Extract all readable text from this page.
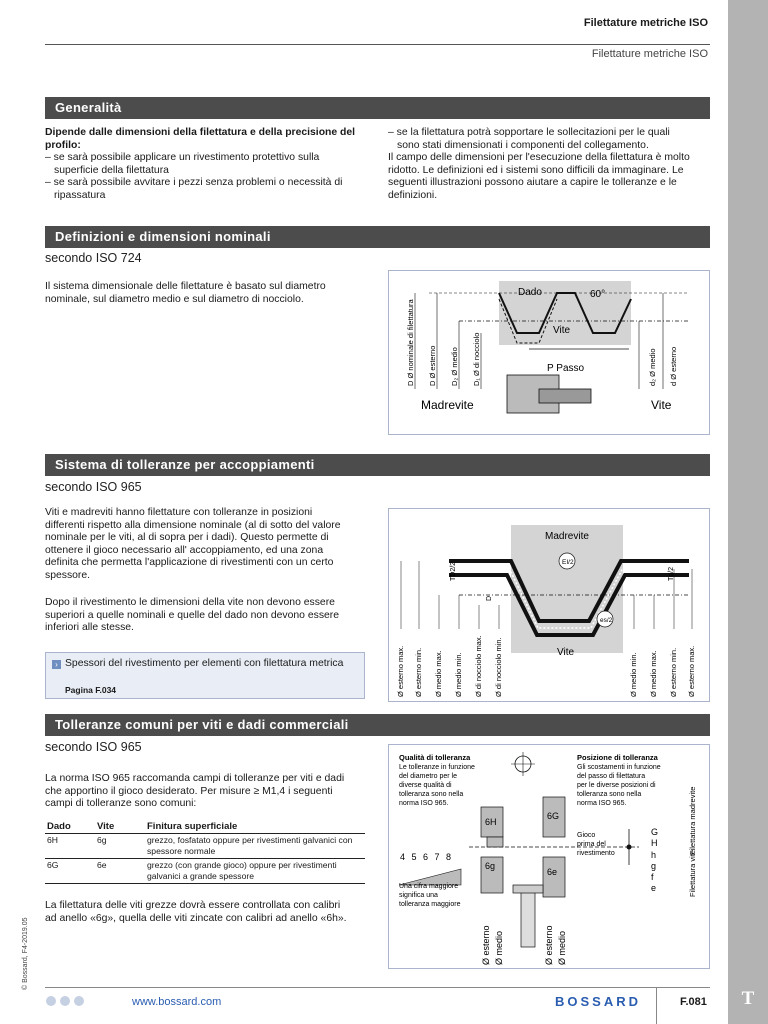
T
Filettature metriche ISO
Filettature metriche ISO
Generalità
Dipende dalle dimensioni della filettatura e della precisione del profilo:
– se sarà possibile applicare un rivestimento protettivo sulla
superficie della filettatura
– se sarà possibile avvitare i pezzi senza problemi o necessità di
ripassatura
– se la filettatura potrà sopportare le sollecitazioni per le quali
sono stati dimensionati i componenti del collegamento.
Il campo delle dimensioni per l'esecuzione della filettatura è molto
ridotto. Le definizioni ed i sistemi sono difficili da immaginare. Le
seguenti illustrazioni possono aiutare a capire le tolleranze e le
definizioni.
Definizioni e dimensioni nominali
secondo ISO 724
Il sistema dimensionale delle filettature è basato sul diametro
nominale, sul diametro medio e sul diametro di nocciolo.
Dado	60°
Vite
P Passo
Madrevite	Vite
D Ø nominale di filettatura D Ø esterno D₂ Ø medio D₁ Ø di nocciolo	d₂ Ø medio d Ø esterno
Sistema di tolleranze per accoppiamenti
secondo ISO 965
Viti e madreviti hanno filettature con tolleranze in posizioni
differenti rispetto alla dimensione nominale (al di sotto del valore
nominale per le viti, al di sopra per i dadi). Questo permette di
ottenere il gioco necessario all' accoppiamento, ed una zona
definita che permetta l'applicazione di rivestimenti con un certo
spessore.
Dopo il rivestimento le dimensioni della vite non devono essere
superiori a quelle nominali e quelle del dado non devono essere
inferiori alle stesse.
› Spessori del rivestimento per elementi con filettatura metrica
Pagina F.034
Madrevite
Vite
EI/2
es/2
TD2/2
D
Td/2
Ø esterno max. Ø esterno min. Ø medio max. Ø medio min. Ø di nocciolo max. Ø di nocciolo min.	Ø medio min. Ø medio max. Ø esterno min. Ø esterno max.
Tolleranze comuni per viti e dadi commerciali
secondo ISO 965
La norma ISO 965 raccomanda campi di tolleranze per viti e dadi
che apportino il gioco desiderato. Per misure ≥ M1,4 i seguenti
campi di tolleranze sono comuni:
Dado	Vite	Finitura superficiale
6H	6g	grezzo, fosfatato oppure per rivestimenti galvanici con spessore normale
6G	6e	grezzo (con grande gioco) oppure per rivestimenti galvanici a grande spessore
La filettatura delle viti grezze dovrà essere controllata con calibri
ad anello «6g», quella delle viti zincate con calibri ad anello «6h».
Qualità di tolleranza
Le tolleranze in funzione
del diametro per le
diverse qualità di
tolleranza sono nella
norma ISO 965.
Posizione di tolleranza
Gli scostamenti in funzione
del passo di filettatura
per le diverse posizioni di
tolleranza sono nella
norma ISO 965.
6H
6G
6g
6e
4 5 6 7 8
Una cifra maggiore
significa una
tolleranza maggiore
Gioco
prima del
rivestimento
G
H
h
g
f
e
Filettatura madrevite
Filettatura vite
Ø esterno Ø medio	Ø esterno Ø medio
© Bossard, F4-2019.05
www.bossard.com	BOSSARD	F.081
